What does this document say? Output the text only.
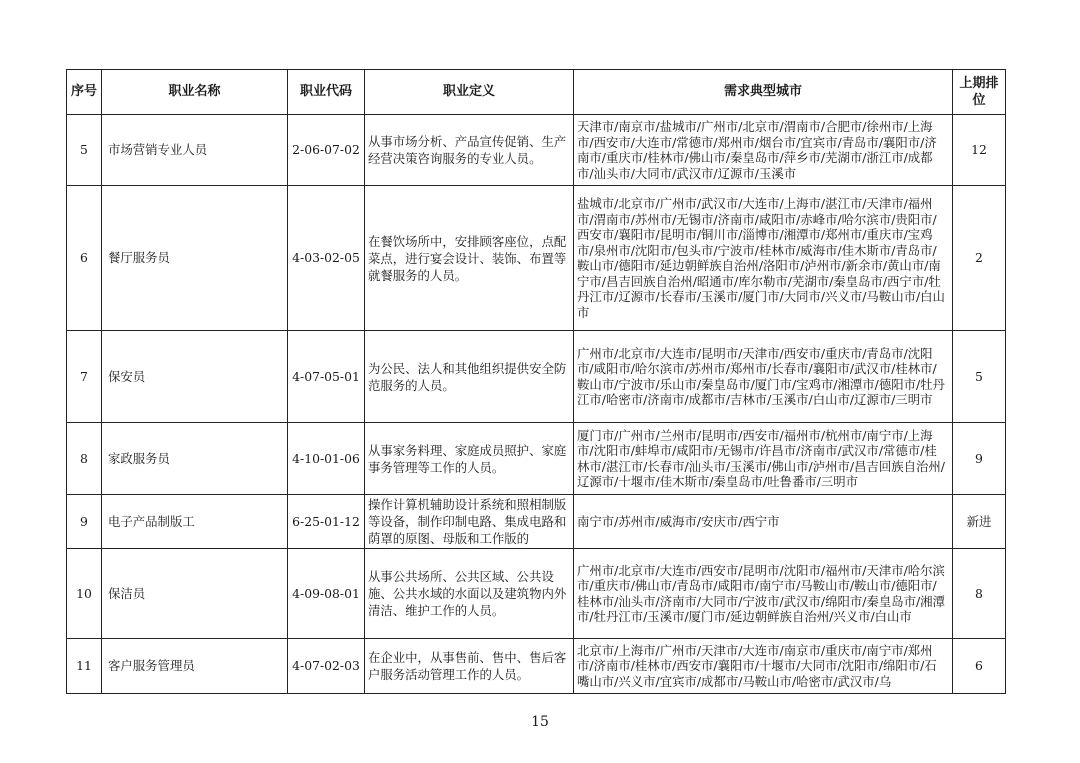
序号	职业名称	职业代码	职业定义	需求典型城市	上期排位
5	市场营销专业人员	2-06-07-02	从事市场分析、产品宣传促销、生产经营决策咨询服务的专业人员。	天津市/南京市/盐城市/广州市/北京市/渭南市/合肥市/徐州市/上海市/西安市/大连市/常德市/郑州市/烟台市/宜宾市/青岛市/襄阳市/济南市/重庆市/桂林市/佛山市/秦皇岛市/萍乡市/芜湖市/浙江市/成都市/汕头市/大同市/武汉市/辽源市/玉溪市	12
6	餐厅服务员	4-03-02-05	在餐饮场所中，安排顾客座位，点配菜点，进行宴会设计、装饰、布置等就餐服务的人员。	盐城市/北京市/广州市/武汉市/大连市/上海市/湛江市/天津市/福州市/渭南市/苏州市/无锡市/济南市/咸阳市/赤峰市/哈尔滨市/贵阳市/西安市/襄阳市/昆明市/铜川市/淄博市/湘潭市/郑州市/重庆市/宝鸡市/泉州市/沈阳市/包头市/宁波市/桂林市/威海市/佳木斯市/青岛市/鞍山市/德阳市/延边朝鲜族自治州/洛阳市/泸州市/新余市/黄山市/南宁市/昌吉回族自治州/昭通市/库尔勒市/芜湖市/秦皇岛市/西宁市/牡丹江市/辽源市/长春市/玉溪市/厦门市/大同市/兴义市/马鞍山市/白山市	2
7	保安员	4-07-05-01	为公民、法人和其他组织提供安全防范服务的人员。	广州市/北京市/大连市/昆明市/天津市/西安市/重庆市/青岛市/沈阳市/咸阳市/哈尔滨市/苏州市/郑州市/长春市/襄阳市/武汉市/桂林市/鞍山市/宁波市/乐山市/秦皇岛市/厦门市/宝鸡市/湘潭市/德阳市/牡丹江市/哈密市/济南市/成都市/吉林市/玉溪市/白山市/辽源市/三明市	5
8	家政服务员	4-10-01-06	从事家务料理、家庭成员照护、家庭事务管理等工作的人员。	厦门市/广州市/兰州市/昆明市/西安市/福州市/杭州市/南宁市/上海市/沈阳市/蚌埠市/咸阳市/无锡市/许昌市/济南市/武汉市/常德市/桂林市/湛江市/长春市/汕头市/玉溪市/佛山市/泸州市/昌吉回族自治州/辽源市/十堰市/佳木斯市/秦皇岛市/吐鲁番市/三明市	9
9	电子产品制版工	6-25-01-12	操作计算机辅助设计系统和照相制版等设备，制作印制电路、集成电路和荫罩的原图、母版和工作版的	南宁市/苏州市/威海市/安庆市/西宁市	新进
10	保洁员	4-09-08-01	从事公共场所、公共区域、公共设施、公共水域的水面以及建筑物内外清洁、维护工作的人员。	广州市/北京市/大连市/西安市/昆明市/沈阳市/福州市/天津市/哈尔滨市/重庆市/佛山市/青岛市/咸阳市/南宁市/马鞍山市/鞍山市/德阳市/桂林市/汕头市/济南市/大同市/宁波市/武汉市/绵阳市/秦皇岛市/湘潭市/牡丹江市/玉溪市/厦门市/延边朝鲜族自治州/兴义市/白山市	8
11	客户服务管理员	4-07-02-03	在企业中，从事售前、售中、售后客户服务活动管理工作的人员。	北京市/上海市/广州市/天津市/大连市/南京市/重庆市/南宁市/郑州市/济南市/桂林市/西安市/襄阳市/十堰市/大同市/沈阳市/绵阳市/石嘴山市/兴义市/宜宾市/成都市/马鞍山市/哈密市/武汉市/乌	6
15
